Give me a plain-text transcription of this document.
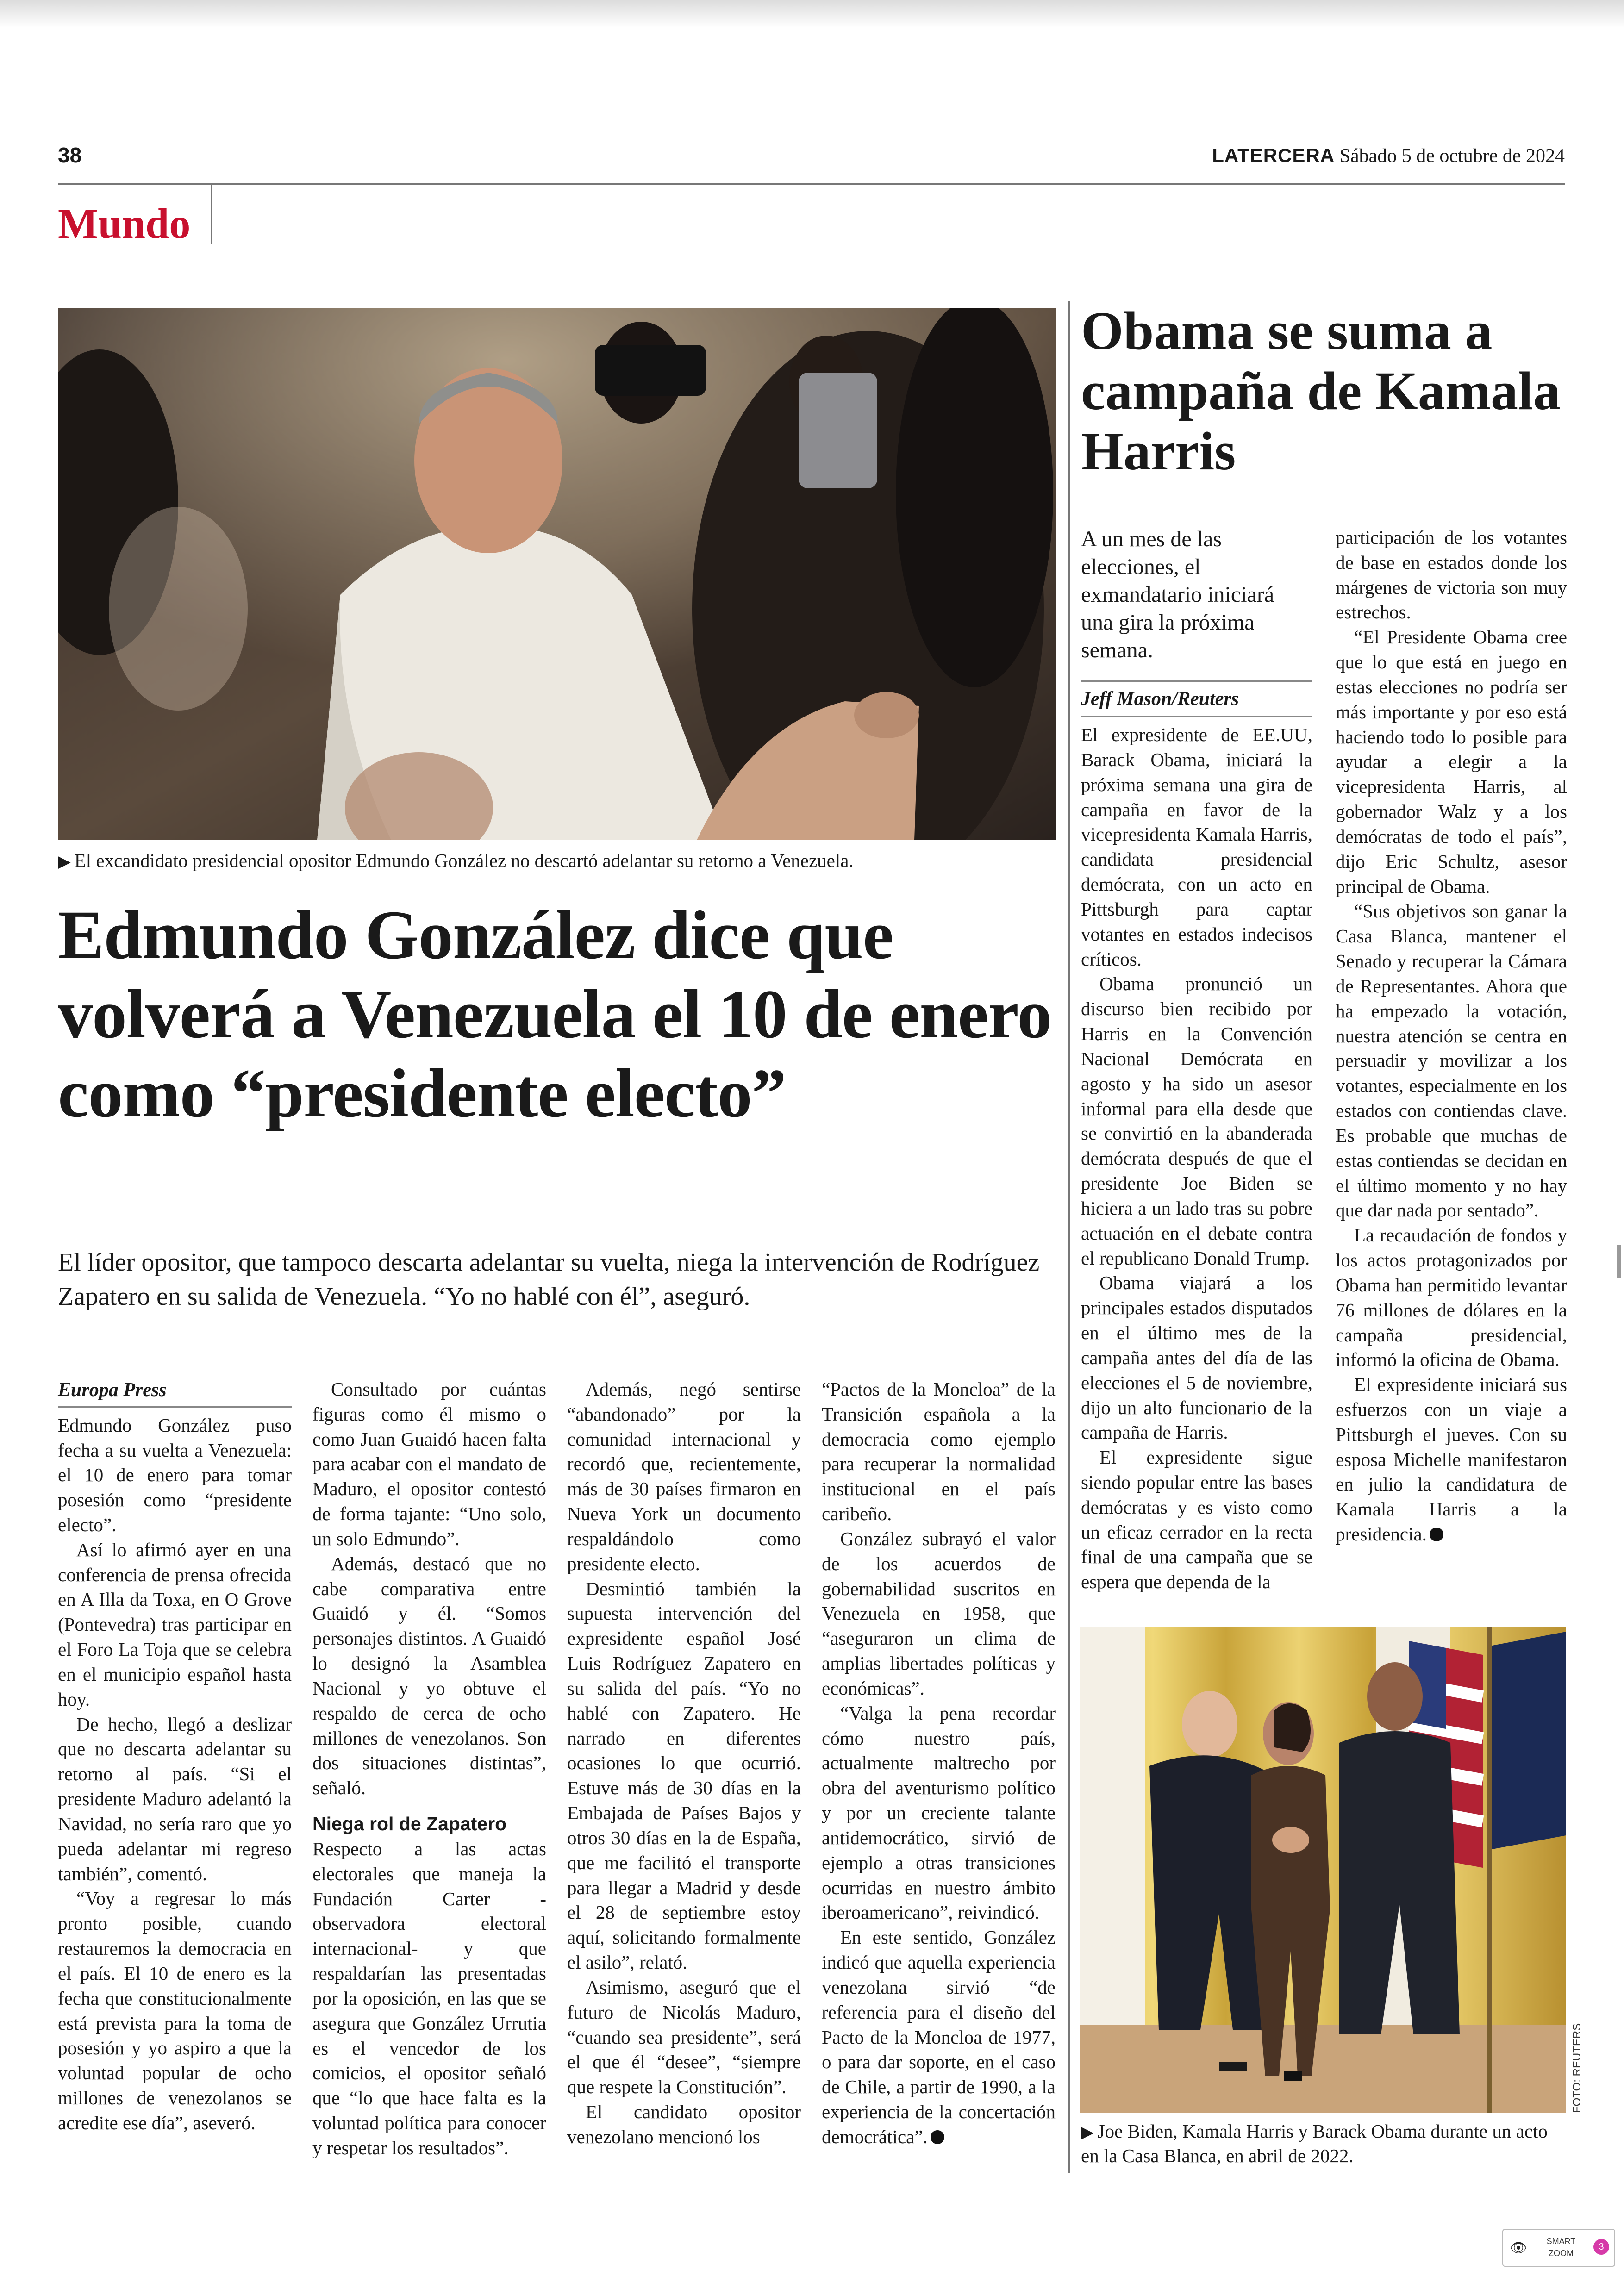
38	LATERCERA Sábado 5 de octubre de 2024
Mundo
▶ El excandidato presidencial opositor Edmundo González no descartó adelantar su retorno a Venezuela.
Edmundo González dice que volverá a Venezuela el 10 de enero como “presidente electo”
El líder opositor, que tampoco descarta adelantar su vuelta, niega la intervención de Rodríguez Zapatero en su salida de Venezuela. “Yo no hablé con él”, aseguró.
Europa Press

Edmundo González puso fecha a su vuelta a Venezuela: el 10 de enero para tomar posesión como “presidente electo”.

Así lo afirmó ayer en una conferencia de prensa ofrecida en A Illa da Toxa, en O Grove (Pontevedra) tras participar en el Foro La Toja que se celebra en el municipio español hasta hoy.

De hecho, llegó a deslizar que no descarta adelantar su retorno al país. “Si el presidente Maduro adelantó la Navidad, no sería raro que yo pueda adelantar mi regreso también”, comentó.

“Voy a regresar lo más pronto posible, cuando restauremos la democracia en el país. El 10 de enero es la fecha que constitucionalmente está prevista para la toma de posesión y yo aspiro a que la voluntad popular de ocho millones de venezolanos se acredite ese día”, aseveró.

Consultado por cuántas figuras como él mismo o como Juan Guaidó hacen falta para acabar con el mandato de Maduro, el opositor contestó de forma tajante: “Uno solo, un solo Edmundo”.

Además, destacó que no cabe comparativa entre Guaidó y él. “Somos personajes distintos. A Guaidó lo designó la Asamblea Nacional y yo obtuve el respaldo de cerca de ocho millones de venezolanos. Son dos situaciones distintas”, señaló.

Niega rol de Zapatero

Respecto a las actas electorales que maneja la Fundación Carter -observadora electoral internacional- y que respaldarían las presentadas por la oposición, en las que se asegura que González Urrutia es el vencedor de los comicios, el opositor señaló que “lo que hace falta es la voluntad política para conocer y respetar los resultados”.

Además, negó sentirse “abandonado” por la comunidad internacional y recordó que, recientemente, más de 30 países firmaron en Nueva York un documento respaldándolo como presidente electo.

Desmintió también la supuesta intervención del expresidente español José Luis Rodríguez Zapatero en su salida del país. “Yo no hablé con Zapatero. He narrado en diferentes ocasiones lo que ocurrió. Estuve más de 30 días en la Embajada de Países Bajos y otros 30 días en la de España, que me facilitó el transporte para llegar a Madrid y desde el 28 de septiembre estoy aquí, solicitando formalmente el asilo”, relató.

Asimismo, aseguró que el futuro de Nicolás Maduro, “cuando sea presidente”, será el que él “desee”, “siempre que respete la Constitución”.

El candidato opositor venezolano mencionó los

“Pactos de la Moncloa” de la Transición española a la democracia como ejemplo para recuperar la normalidad institucional en el país caribeño.

González subrayó el valor de los acuerdos de gobernabilidad suscritos en Venezuela en 1958, que “aseguraron un clima de amplias libertades políticas y económicas”.

“Valga la pena recordar cómo nuestro país, actualmente maltrecho por obra del aventurismo político y por un creciente talante antidemocrático, sirvió de ejemplo a otras transiciones ocurridas en nuestro ámbito iberoamericano”, reivindicó.

En este sentido, González indicó que aquella experiencia venezolana sirvió “de referencia para el diseño del Pacto de la Moncloa de 1977, o para dar soporte, en el caso de Chile, a partir de 1990, a la experiencia de la concertación democrática”.

Obama se suma a campaña de Kamala Harris
A un mes de las elecciones, el exmandatario iniciará una gira la próxima semana.
Jeff Mason/Reuters

El expresidente de EE.UU, Barack Obama, iniciará la próxima semana una gira de campaña en favor de la vicepresidenta Kamala Harris, candidata presidencial demócrata, con un acto en Pittsburgh para captar votantes en estados indecisos críticos.

Obama pronunció un discurso bien recibido por Harris en la Convención Nacional Demócrata en agosto y ha sido un asesor informal para ella desde que se convirtió en la abanderada demócrata después de que el presidente Joe Biden se hiciera a un lado tras su pobre actuación en el debate contra el republicano Donald Trump.

Obama viajará a los principales estados disputados en el último mes de la campaña antes del día de las elecciones el 5 de noviembre, dijo un alto funcionario de la campaña de Harris.

El expresidente sigue siendo popular entre las bases demócratas y es visto como un eficaz cerrador en la recta final de una campaña que se espera que dependa de la

participación de los votantes de base en estados donde los márgenes de victoria son muy estrechos.

“El Presidente Obama cree que lo que está en juego en estas elecciones no podría ser más importante y por eso está haciendo todo lo posible para ayudar a elegir a la vicepresidenta Harris, al gobernador Walz y a los demócratas de todo el país”, dijo Eric Schultz, asesor principal de Obama.

“Sus objetivos son ganar la Casa Blanca, mantener el Senado y recuperar la Cámara de Representantes. Ahora que ha empezado la votación, nuestra atención se centra en persuadir y movilizar a los votantes, especialmente en los estados con contiendas clave. Es probable que muchas de estas contiendas se decidan en el último momento y no hay que dar nada por sentado”.

La recaudación de fondos y los actos protagonizados por Obama han permitido levantar 76 millones de dólares en la campaña presidencial, informó la oficina de Obama.

El expresidente iniciará sus esfuerzos con un viaje a Pittsburgh el jueves. Con su esposa Michelle manifestaron en julio la candidatura de Kamala Harris a la presidencia.

FOTO: REUTERS
▶ Joe Biden, Kamala Harris y Barack Obama durante un acto en la Casa Blanca, en abril de 2022.
👁	SMART
ZOOM
3
